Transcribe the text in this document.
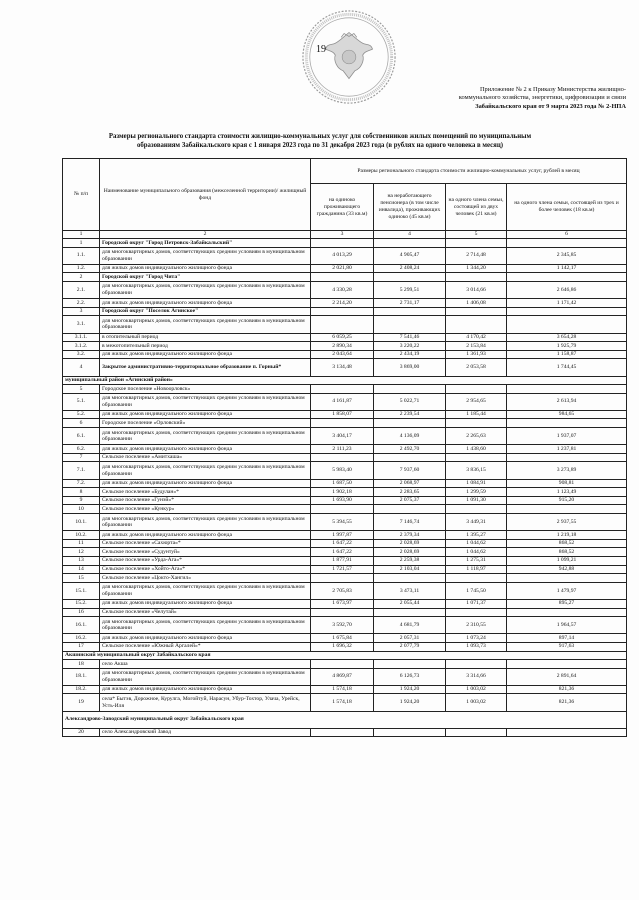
19
Приложение № 2 к Приказу Министерства жилищно-
коммунального хозяйства, энергетики, цифровизации и связи
Забайкальского края от 9 марта 2023 года № 2-НПА
Размеры регионального стандарта стоимости жилищно-коммунальных услуг для собственников жилых помещений по муниципальным
образованиям Забайкальского края с 1 января 2023 года по 31 декабря 2023 года (в рублях на одного человека в месяц)
№ п/п	Наименование муниципального образования (межселенной территории)/ жилищный фонд	Размеры регионального стандарта стоимости жилищно-коммунальных услуг, рублей в месяц			
		на одиноко проживающего гражданина (33 кв.м)	на неработающего пенсионера (в том числе инвалида), проживающих одиноко (45 кв.м)	на одного члена семьи, состоящей из двух человек (21 кв.м)	на одного члена семьи, состоящей из трех и более человек (18 кв.м)
1	2	3	4	5	6
1	Городской округ "Город Петровск-Забайкальский"				
1.1.	для многоквартирных домов, соответствующих средним условиям в муниципальном образовании	4 013,29	4 905,47	2 714,48	2 345,85
1.2.	для жилых домов индивидуального жилищного фонда	2 021,80	2 408,24	1 344,20	1 142,17
2	Городской округ "Город Чита"				
2.1.	для многоквартирных домов, соответствующих средним условиям в муниципальном образовании	4 330,28	5 299,51	3 014,66	2 646,86
2.2.	для жилых домов индивидуального жилищного фонда	2 214,20	2 731,17	1 406,08	1 171,42
3	Городской округ "Поселок Агинское"				
3.1.	для многоквартирных домов, соответствующих средним условиям в муниципальном образовании				
3.1.1.	в отопительный период	6 059,25	7 541,46	4 170,42	3 654,28
3.1.2.	в межотопительный период	2 890,34	3 220,22	2 153,84	1 925,79
3.2.	для жилых домов индивидуального жилищного фонда	2 043,64	2 434,19	1 361,93	1 158,87
4	Закрытое административно-территориальное образование п. Горный*	3 134,48	3 869,00	2 053,58	1 744,45
муниципальный район «Агинский район»					
5	Городское поселение «Новоорловск»				
5.1.	для многоквартирных домов, соответствующих средним условиям в муниципальном образовании	4 161,87	5 022,71	2 954,65	2 613,94
5.2.	для жилых домов индивидуального жилищного фонда	1 858,07	2 239,54	1 185,44	984,65
6	Городское поселение «Орловский»				
6.1.	для многоквартирных домов, соответствующих средним условиям в муниципальном образовании	3 404,17	4 136,09	2 265,63	1 937,07
6.2.	для жилых домов индивидуального жилищного фонда	2 111,23	2 492,70	1 438,60	1 237,81
7	Сельское поселение «Амитхаша»				
7.1.	для многоквартирных домов, соответствующих средним условиям в муниципальном образовании	5 983,40	7 937,60	3 836,15	3 273,89
7.2.	для жилых домов индивидуального жилищного фонда	1 687,50	2 068,97	1 084,91	908,81
8	Сельское поселение «Будулан»*	1 902,18	2 283,65	1 299,59	1 123,49
9	Сельское поселение «Гунэй»*	1 693,90	2 075,37	1 091,30	915,20
10	Сельское поселение «Кункур»				
10.1.	для многоквартирных домов, соответствующих средним условиям в муниципальном образовании	5 394,55	7 146,74	3 449,31	2 937,55
10.2.	для жилых домов индивидуального жилищного фонда	1 997,87	2 379,34	1 395,27	1 219,18
11	Сельское поселение «Сахюрта»*	1 647,22	2 028,69	1 044,62	868,52
12	Сельское поселение «Судунтуй»	1 647,22	2 028,69	1 044,62	868,52
13	Сельское поселение «Урда-Ага»*	1 877,91	2 259,38	1 275,31	1 099,21
14	Сельское поселение «Хойто-Ага»*	1 721,57	2 103,04	1 118,97	942,88
15	Сельское поселение «Цокто-Хангил»				
15.1.	для многоквартирных домов, соответствующих средним условиям в муниципальном образовании	2 705,83	3 473,11	1 745,50	1 479,97
15.2.	для жилых домов индивидуального жилищного фонда	1 673,97	2 055,44	1 071,37	895,27
16	Сельское поселение «Челутай»				
16.1.	для многоквартирных домов, соответствующих средним условиям в муниципальном образовании	3 592,70	4 681,79	2 310,55	1 964,57
16.2.	для жилых домов индивидуального жилищного фонда	1 675,84	2 057,31	1 073,24	897,14
17	Сельское поселение «Южный Аргалей»*	1 696,32	2 077,79	1 093,73	917,63
Акшинский муниципальный округ Забайкальского края					
18	село Акша				
18.1.	для многоквартирных домов, соответствующих средним условиям в муниципальном образовании	4 869,87	6 126,73	3 314,66	2 891,64
18.2.	для жилых домов индивидуального жилищного фонда	1 574,18	1 924,20	1 003,02	821,36
19	села* Бытэв, Дорожное, Курулга, Могойтуй, Нарасун, Убур-Тохтор, Улача, Урейск, Усть-Иля	1 574,18	1 924,20	1 003,02	821,36
Александрово-Заводский муниципальный округ Забайкальского края					
20	село Александровский Завод				
